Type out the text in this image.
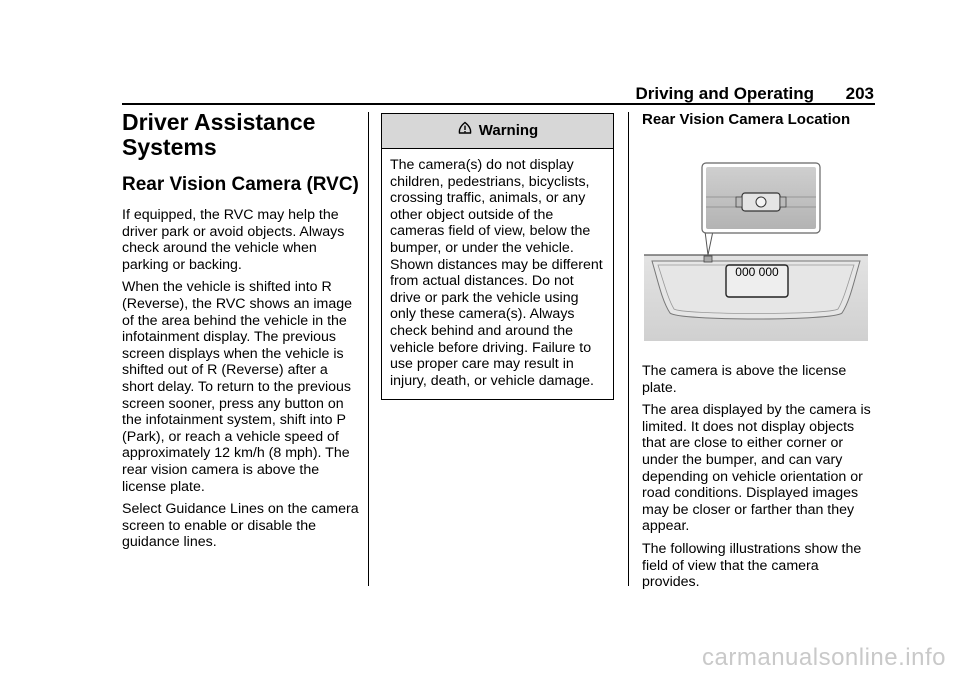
Driving and Operating 203
Driver Assistance Systems
Rear Vision Camera (RVC)

If equipped, the RVC may help the driver park or avoid objects. Always check around the vehicle when parking or backing.

When the vehicle is shifted into R (Reverse), the RVC shows an image of the area behind the vehicle in the infotainment display. The previous screen displays when the vehicle is shifted out of R (Reverse) after a short delay. To return to the previous screen sooner, press any button on the infotainment system, shift into P (Park), or reach a vehicle speed of approximately 12 km/h (8 mph). The rear vision camera is above the license plate.

Select Guidance Lines on the camera screen to enable or disable the guidance lines.

Warning
The camera(s) do not display children, pedestrians, bicyclists, crossing traffic, animals, or any other object outside of the cameras field of view, below the bumper, or under the vehicle. Shown distances may be different from actual distances. Do not drive or park the vehicle using only these camera(s). Always check behind and around the vehicle before driving. Failure to use proper care may result in injury, death, or vehicle damage.
Rear Vision Camera Location
000 000

The camera is above the license plate.

The area displayed by the camera is limited. It does not display objects that are close to either corner or under the bumper, and can vary depending on vehicle orientation or road conditions. Displayed images may be closer or farther than they appear.

The following illustrations show the field of view that the camera provides.

carmanualsonline.info
